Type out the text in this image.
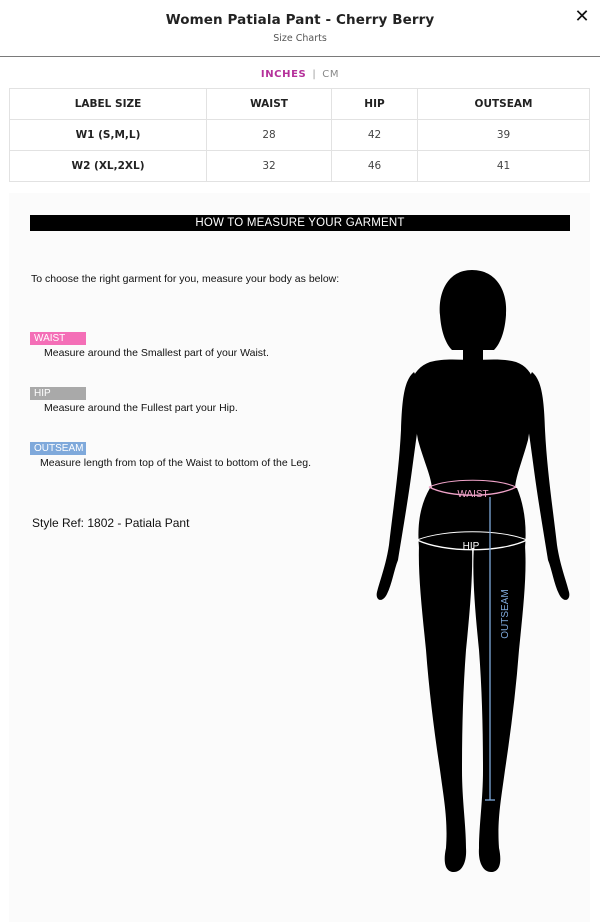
Women Patiala Pant - Cherry Berry
Size Charts
✕
INCHES | CM
LABEL SIZE	WAIST	HIP	OUTSEAM
W1 (S,M,L)	28	42	39
W2 (XL,2XL)	32	46	41
HOW TO MEASURE YOUR GARMENT
To choose the right garment for you, measure your body as below:
WAIST
Measure around the Smallest part of your Waist.
HIP
Measure around the Fullest part your Hip.
OUTSEAM
Measure length from top of the Waist to bottom of the Leg.
Style Ref: 1802 - Patiala Pant
WAIST
HIP
OUTSEAM
